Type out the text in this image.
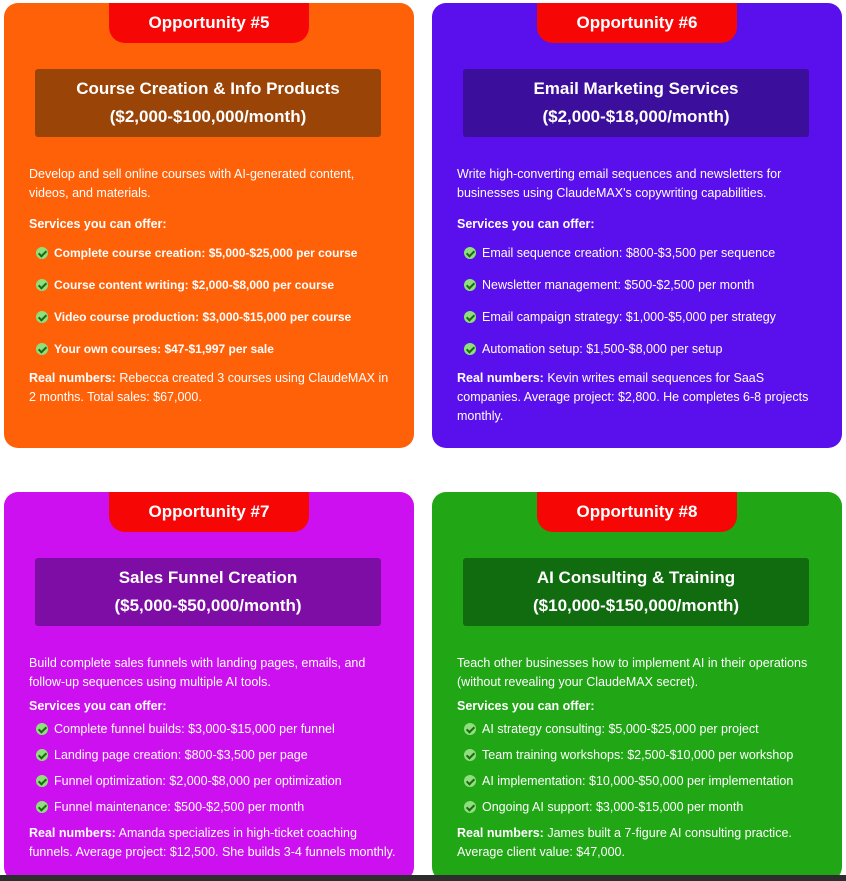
Opportunity #5
Course Creation & Info Products
($2,000-$100,000/month)

Develop and sell online courses with AI-generated content, videos, and materials.

Services you can offer:
Complete course creation: $5,000-$25,000 per course
Course content writing: $2,000-$8,000 per course
Video course production: $3,000-$15,000 per course
Your own courses: $47-$1,997 per sale
Real numbers: Rebecca created 3 courses using ClaudeMAX in 2 months. Total sales: $67,000.
Opportunity #6
Email Marketing Services
($2,000-$18,000/month)

Write high-converting email sequences and newsletters for businesses using ClaudeMAX's copywriting capabilities.

Services you can offer:
Email sequence creation: $800-$3,500 per sequence
Newsletter management: $500-$2,500 per month
Email campaign strategy: $1,000-$5,000 per strategy
Automation setup: $1,500-$8,000 per setup
Real numbers: Kevin writes email sequences for SaaS companies. Average project: $2,800. He completes 6-8 projects monthly.
Opportunity #7
Sales Funnel Creation
($5,000-$50,000/month)

Build complete sales funnels with landing pages, emails, and follow-up sequences using multiple AI tools.

Services you can offer:
Complete funnel builds: $3,000-$15,000 per funnel
Landing page creation: $800-$3,500 per page
Funnel optimization: $2,000-$8,000 per optimization
Funnel maintenance: $500-$2,500 per month
Real numbers: Amanda specializes in high-ticket coaching funnels. Average project: $12,500. She builds 3-4 funnels monthly.
Opportunity #8
AI Consulting & Training
($10,000-$150,000/month)

Teach other businesses how to implement AI in their operations (without revealing your ClaudeMAX secret).

Services you can offer:
AI strategy consulting: $5,000-$25,000 per project
Team training workshops: $2,500-$10,000 per workshop
AI implementation: $10,000-$50,000 per implementation
Ongoing AI support: $3,000-$15,000 per month
Real numbers: James built a 7-figure AI consulting practice. Average client value: $47,000.
